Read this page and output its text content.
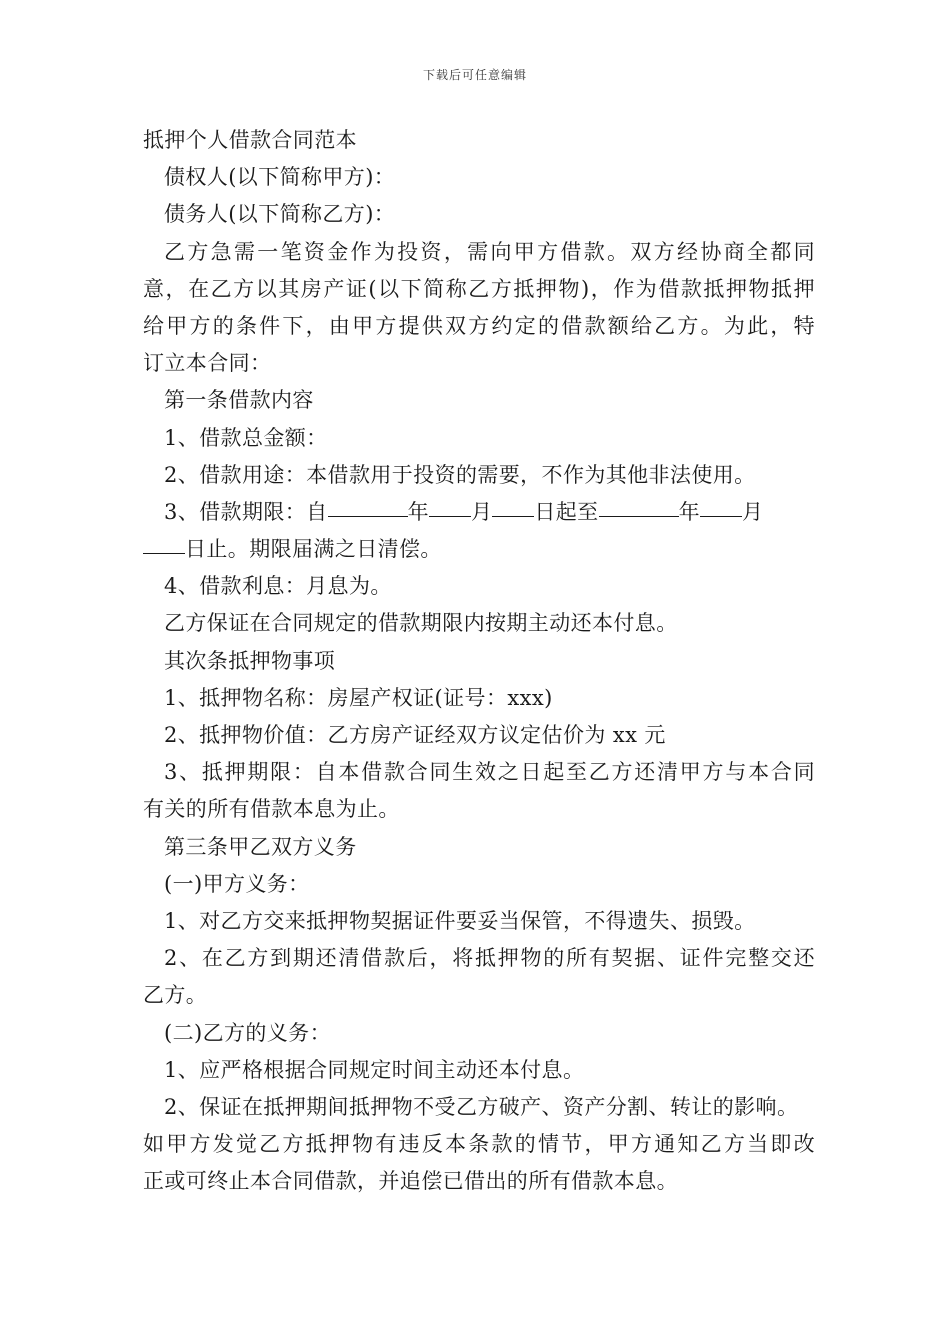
下载后可任意编辑
抵押个人借款合同范本
债权人(以下简称甲方)：
债务人(以下简称乙方)：
乙方急需一笔资金作为投资，需向甲方借款。双方经协商全都同
意，在乙方以其房产证(以下简称乙方抵押物)，作为借款抵押物抵押
给甲方的条件下，由甲方提供双方约定的借款额给乙方。为此，特
订立本合同：
第一条借款内容
1、借款总金额：
2、借款用途：本借款用于投资的需要，不作为其他非法使用。
3、借款期限：自	年 月 日起至	年 月
日止。期限届满之日清偿。
4、借款利息：月息为。
乙方保证在合同规定的借款期限内按期主动还本付息。
其次条抵押物事项
1、抵押物名称：房屋产权证(证号：xxx)
2、抵押物价值：乙方房产证经双方议定估价为 xx 元
3、抵押期限：自本借款合同生效之日起至乙方还清甲方与本合同
有关的所有借款本息为止。
第三条甲乙双方义务
(一)甲方义务：
1、对乙方交来抵押物契据证件要妥当保管，不得遗失、损毁。
2、在乙方到期还清借款后，将抵押物的所有契据、证件完整交还
乙方。
(二)乙方的义务：
1、应严格根据合同规定时间主动还本付息。
2、保证在抵押期间抵押物不受乙方破产、资产分割、转让的影响。
如甲方发觉乙方抵押物有违反本条款的情节，甲方通知乙方当即改
正或可终止本合同借款，并追偿已借出的所有借款本息。
